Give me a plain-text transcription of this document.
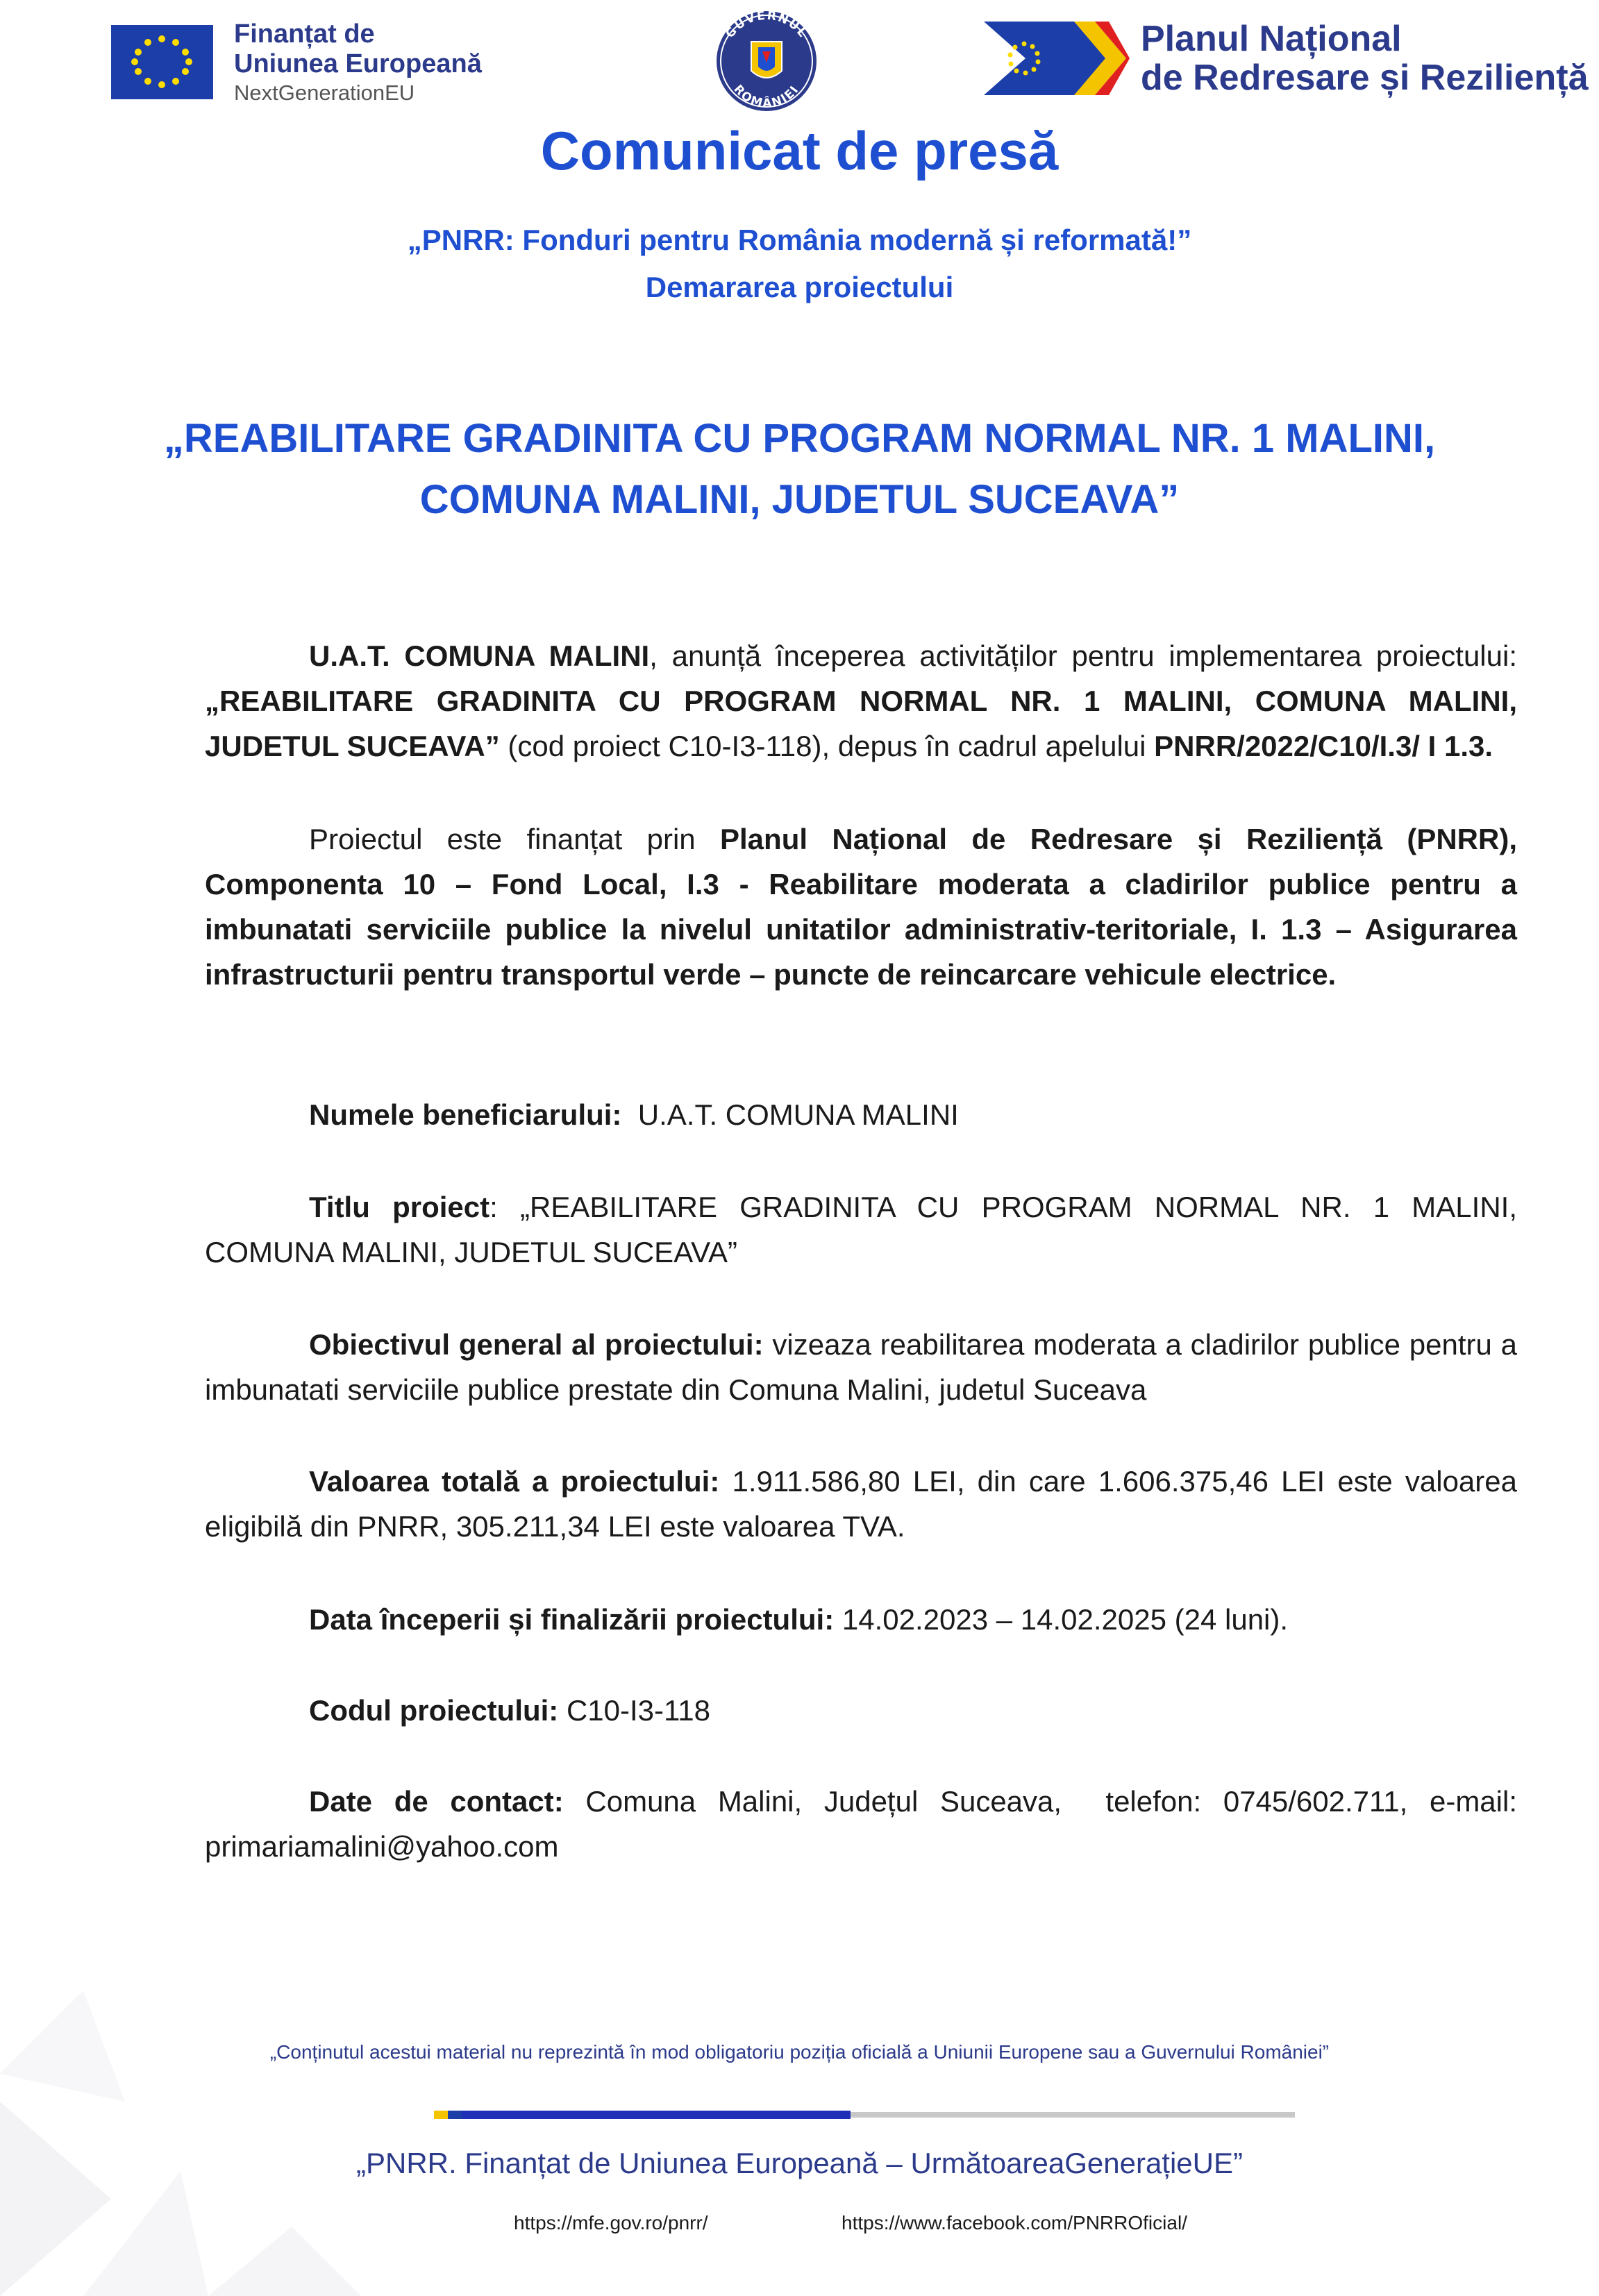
Finanțat de
Uniunea Europeană
NextGenerationEU
GUVERNUL
ROMÂNIEI
Planul Național
de Redresare și Reziliență
Comunicat de presă
„PNRR: Fonduri pentru România modernă și reformată!”
Demararea proiectului
„REABILITARE GRADINITA CU PROGRAM NORMAL NR. 1 MALINI,
COMUNA MALINI, JUDETUL SUCEAVA”
U.A.T. COMUNA MALINI, anunță începerea activităților pentru implementarea proiectului: „REABILITARE GRADINITA CU PROGRAM NORMAL NR. 1 MALINI, COMUNA MALINI, JUDETUL SUCEAVA” (cod proiect C10-I3-118), depus în cadrul apelului PNRR/2022/C10/I.3/ I 1.3.
Proiectul este finanțat prin Planul Național de Redresare și Reziliență (PNRR), Componenta 10 – Fond Local, I.3 - Reabilitare moderata a cladirilor publice pentru a imbunatati serviciile publice la nivelul unitatilor administrativ-teritoriale, I. 1.3 – Asigurarea infrastructurii pentru transportul verde – puncte de reincarcare vehicule electrice.
Numele beneficiarului:  U.A.T. COMUNA MALINI
Titlu proiect: „REABILITARE GRADINITA CU PROGRAM NORMAL NR. 1 MALINI, COMUNA MALINI, JUDETUL SUCEAVA”
Obiectivul general al proiectului: vizeaza reabilitarea moderata a cladirilor publice pentru a imbunatati serviciile publice prestate din Comuna Malini, judetul Suceava
Valoarea totală a proiectului: 1.911.586,80 LEI, din care 1.606.375,46 LEI este valoarea eligibilă din PNRR, 305.211,34 LEI este valoarea TVA.
Data începerii și finalizării proiectului: 14.02.2023 – 14.02.2025 (24 luni).
Codul proiectului: C10-I3-118
Date de contact: Comuna Malini, Județul Suceava,  telefon: 0745/602.711, e-mail: primariamalini@yahoo.com
„Conținutul acestui material nu reprezintă în mod obligatoriu poziția oficială a Uniunii Europene sau a Guvernului României”
„PNRR. Finanțat de Uniunea Europeană – UrmătoareaGenerațieUE”
https://mfe.gov.ro/pnrr/	https://www.facebook.com/PNRROficial/
